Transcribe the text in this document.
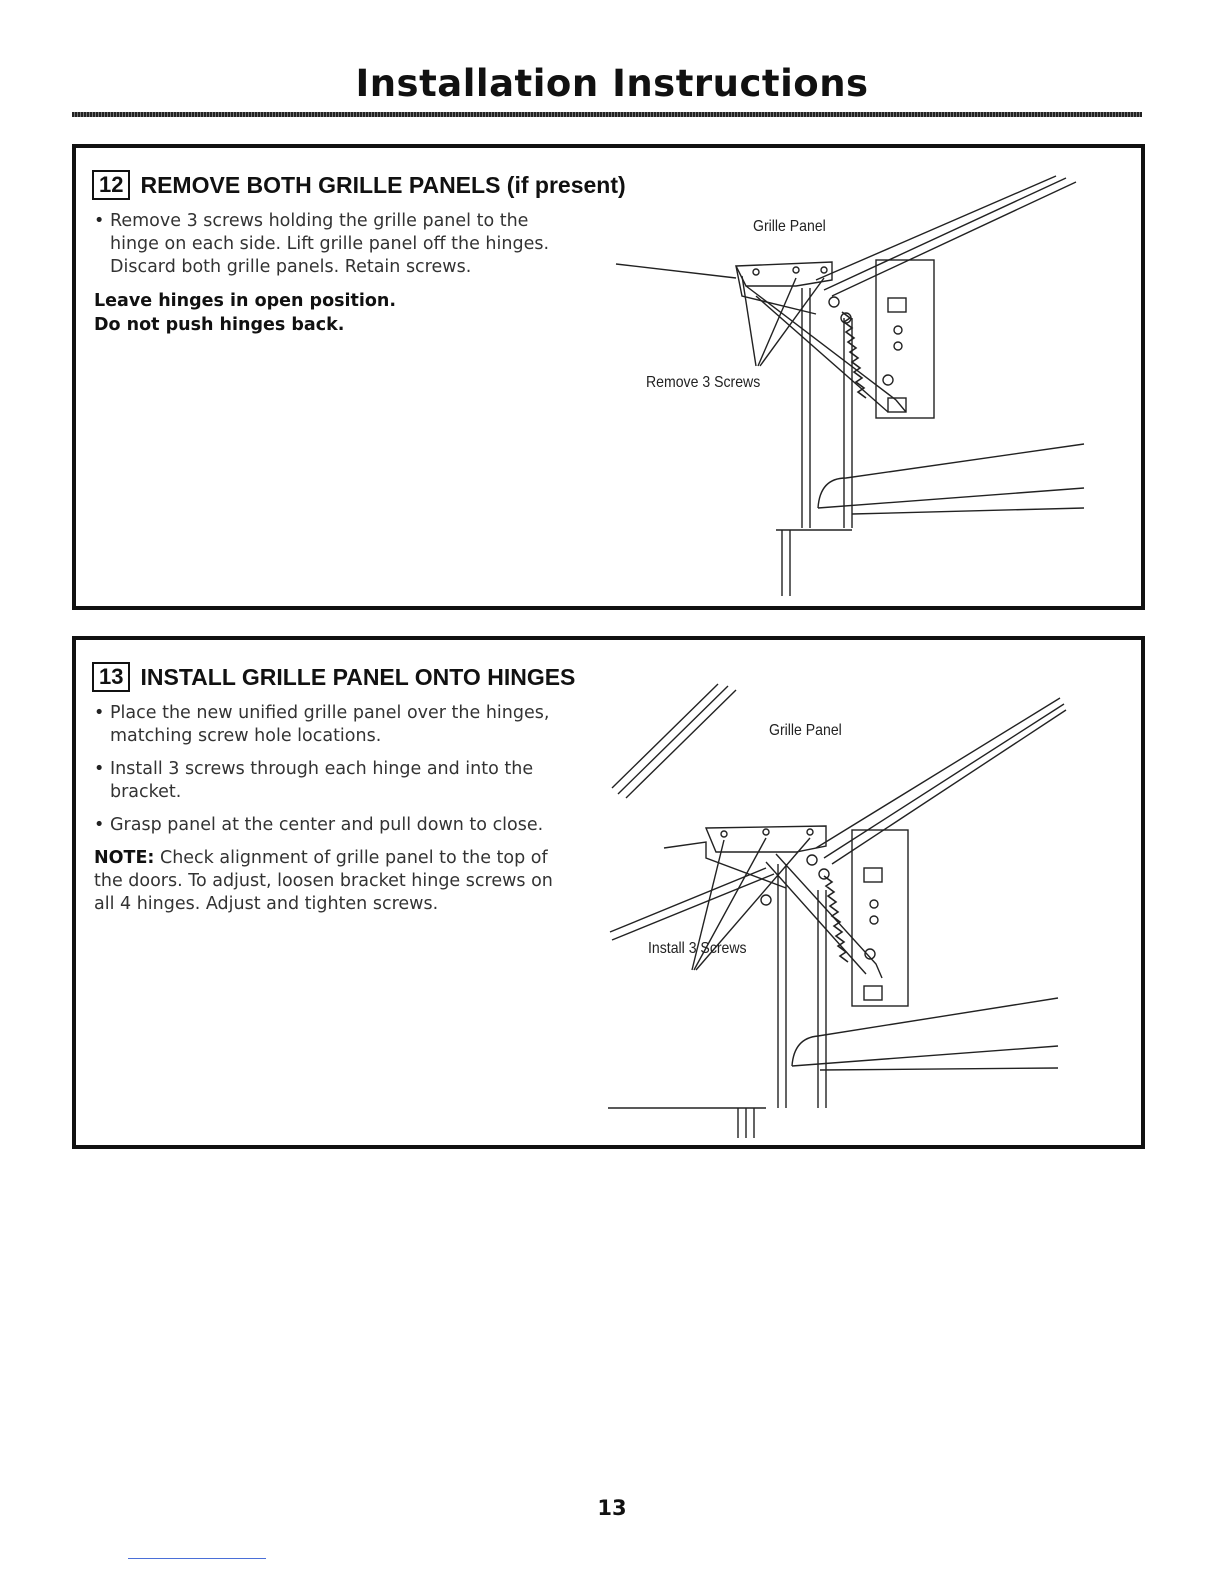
Installation Instructions
12 REMOVE BOTH GRILLE PANELS (if present)
• Remove 3 screws holding the grille panel to the hinge on each side. Lift grille panel off the hinges. Discard both grille panels. Retain screws.
Leave hinges in open position.
Do not push hinges back.
Grille Panel
Remove 3 Screws
13 INSTALL GRILLE PANEL ONTO HINGES
• Place the new unified grille panel over the hinges, matching screw hole locations.
• Install 3 screws through each hinge and into the bracket.
• Grasp panel at the center and pull down to close.
NOTE: Check alignment of grille panel to the top of the doors. To adjust, loosen bracket hinge screws on all 4 hinges. Adjust and tighten screws.
Grille Panel
Install 3 Screws
13
